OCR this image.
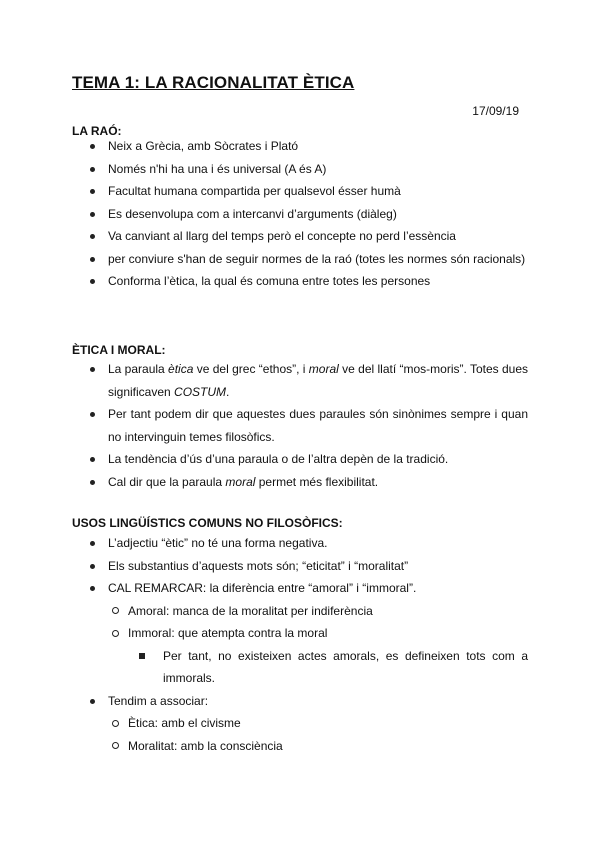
TEMA 1: LA RACIONALITAT ÈTICA
17/09/19
LA RAÓ:
Neix a Grècia, amb Sòcrates i Plató
Només n'hi ha una i és universal (A és A)
Facultat humana compartida per qualsevol ésser humà
Es desenvolupa com a intercanvi d’arguments (diàleg)
Va canviant al llarg del temps però el concepte no perd l’essència
per conviure s'han de seguir normes de la raó (totes les normes són racionals)
Conforma l’ètica, la qual és comuna entre totes les persones
ÈTICA I MORAL:
La paraula ètica ve del grec “ethos”, i moral ve del llatí “mos-moris”. Totes dues significaven COSTUM.
Per tant podem dir que aquestes dues paraules són sinònimes sempre i quan no intervinguin temes filosòfics.
La tendència d’ús d’una paraula o de l’altra depèn de la tradició.
Cal dir que la paraula moral permet més flexibilitat.
USOS LINGÜÍSTICS COMUNS NO FILOSÒFICS:
L’adjectiu “ètic” no té una forma negativa.
Els substantius d’aquests mots són; “eticitat” i “moralitat”
CAL REMARCAR: la diferència entre “amoral” i “immoral”.
Amoral: manca de la moralitat per indiferència
Immoral: que atempta contra la moral
Per tant, no existeixen actes amorals, es defineixen tots com a immorals.
Tendim a associar:
Ètica: amb el civisme
Moralitat: amb la consciència
